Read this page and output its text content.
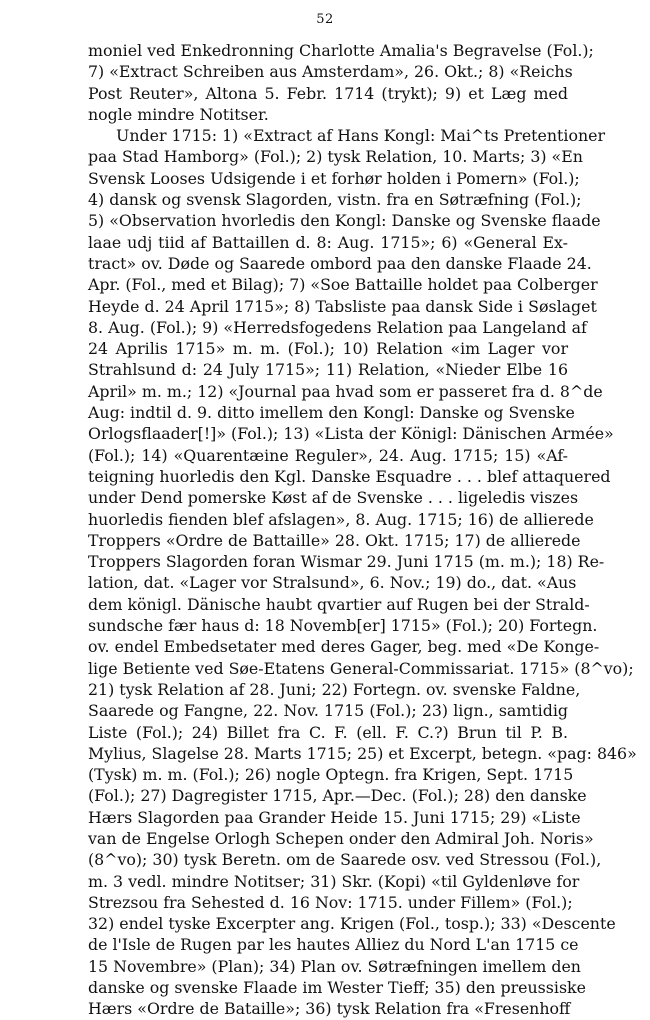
52
moniel ved Enkedronning Charlotte Amalia's Begravelse (Fol.);
7) «Extract Schreiben aus Amsterdam», 26. Okt.; 8) «Reichs
Post Reuter», Altona 5. Febr. 1714 (trykt); 9) et Læg med
nogle mindre Notitser.
Under 1715: 1) «Extract af Hans Kongl: Mai^ts Pretentioner
paa Stad Hamborg» (Fol.); 2) tysk Relation, 10. Marts; 3) «En
Svensk Looses Udsigende i et forhør holden i Pomern» (Fol.);
4) dansk og svensk Slagorden, vistn. fra en Søtræfning (Fol.);
5) «Observation hvorledis den Kongl: Danske og Svenske flaade
laae udj tiid af Battaillen d. 8: Aug. 1715»; 6) «General Ex-
tract» ov. Døde og Saarede ombord paa den danske Flaade 24.
Apr. (Fol., med et Bilag); 7) «Soe Battaille holdet paa Colberger
Heyde d. 24 April 1715»; 8) Tabsliste paa dansk Side i Søslaget
8. Aug. (Fol.); 9) «Herredsfogedens Relation paa Langeland af
24 Aprilis 1715» m. m. (Fol.); 10) Relation «im Lager vor
Strahlsund d: 24 July 1715»; 11) Relation, «Nieder Elbe 16
April» m. m.; 12) «Journal paa hvad som er passeret fra d. 8^de
Aug: indtil d. 9. ditto imellem den Kongl: Danske og Svenske
Orlogsflaader[!]» (Fol.); 13) «Lista der Königl: Dänischen Armée»
(Fol.); 14) «Quarentæine Reguler», 24. Aug. 1715; 15) «Af-
teigning huorledis den Kgl. Danske Esquadre . . . blef attaquered
under Dend pomerske Køst af de Svenske . . . ligeledis viszes
huorledis fienden blef afslagen», 8. Aug. 1715; 16) de allierede
Troppers «Ordre de Battaille» 28. Okt. 1715; 17) de allierede
Troppers Slagorden foran Wismar 29. Juni 1715 (m. m.); 18) Re-
lation, dat. «Lager vor Stralsund», 6. Nov.; 19) do., dat. «Aus
dem königl. Dänische haubt qvartier auf Rugen bei der Strald-
sundsche fær haus d: 18 Novemb[er] 1715» (Fol.); 20) Fortegn.
ov. endel Embedsetater med deres Gager, beg. med «De Konge-
lige Betiente ved Søe-Etatens General-Commissariat. 1715» (8^vo);
21) tysk Relation af 28. Juni; 22) Fortegn. ov. svenske Faldne,
Saarede og Fangne, 22. Nov. 1715 (Fol.); 23) lign., samtidig
Liste (Fol.); 24) Billet fra C. F. (ell. F. C.?) Brun til P. B.
Mylius, Slagelse 28. Marts 1715; 25) et Excerpt, betegn. «pag: 846»
(Tysk) m. m. (Fol.); 26) nogle Optegn. fra Krigen, Sept. 1715
(Fol.); 27) Dagregister 1715, Apr.—Dec. (Fol.); 28) den danske
Hærs Slagorden paa Grander Heide 15. Juni 1715; 29) «Liste
van de Engelse Orlogh Schepen onder den Admiral Joh. Noris»
(8^vo); 30) tysk Beretn. om de Saarede osv. ved Stressou (Fol.),
m. 3 vedl. mindre Notitser; 31) Skr. (Kopi) «til Gyldenløve for
Strezsou fra Sehested d. 16 Nov: 1715. under Fillem» (Fol.);
32) endel tyske Excerpter ang. Krigen (Fol., tosp.); 33) «Descente
de l'Isle de Rugen par les hautes Alliez du Nord L'an 1715 ce
15 Novembre» (Plan); 34) Plan ov. Søtræfningen imellem den
danske og svenske Flaade im Wester Tieff; 35) den preussiske
Hærs «Ordre de Bataille»; 36) tysk Relation fra «Fresenhoff
